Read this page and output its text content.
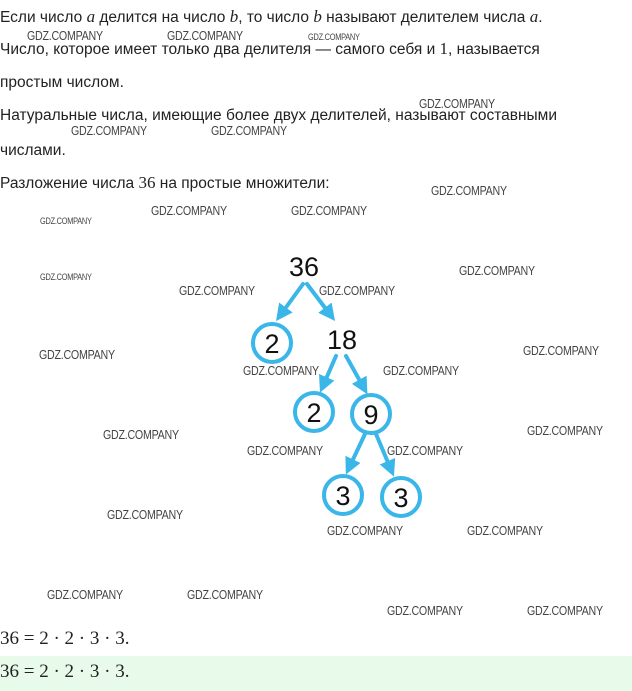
Если число a делится на число b, то число b называют делителем числа a.
Число, которое имеет только два делителя — самого себя и 1, называется
простым числом.
Натуральные числа, имеющие более двух делителей, называют составными
числами.
Разложение числа 36 на простые множители:
36
2 18
2 9
3 3
GDZ.COMPANY	GDZ.COMPANY	GDZ.COMPANY
GDZ.COMPANY
GDZ.COMPANY	GDZ.COMPANY
GDZ.COMPANY
GDZ.COMPANY
GDZ.COMPANY	GDZ.COMPANY
GDZ.COMPANY	GDZ.COMPANY
GDZ.COMPANY	GDZ.COMPANY
GDZ.COMPANY	GDZ.COMPANY
GDZ.COMPANY	GDZ.COMPANY
GDZ.COMPANY	GDZ.COMPANY
GDZ.COMPANY	GDZ.COMPANY
GDZ.COMPANY
GDZ.COMPANY	GDZ.COMPANY
GDZ.COMPANY	GDZ.COMPANY
GDZ.COMPANY	GDZ.COMPANY
36 = 2 · 2 · 3 · 3.
36 = 2 · 2 · 3 · 3.
